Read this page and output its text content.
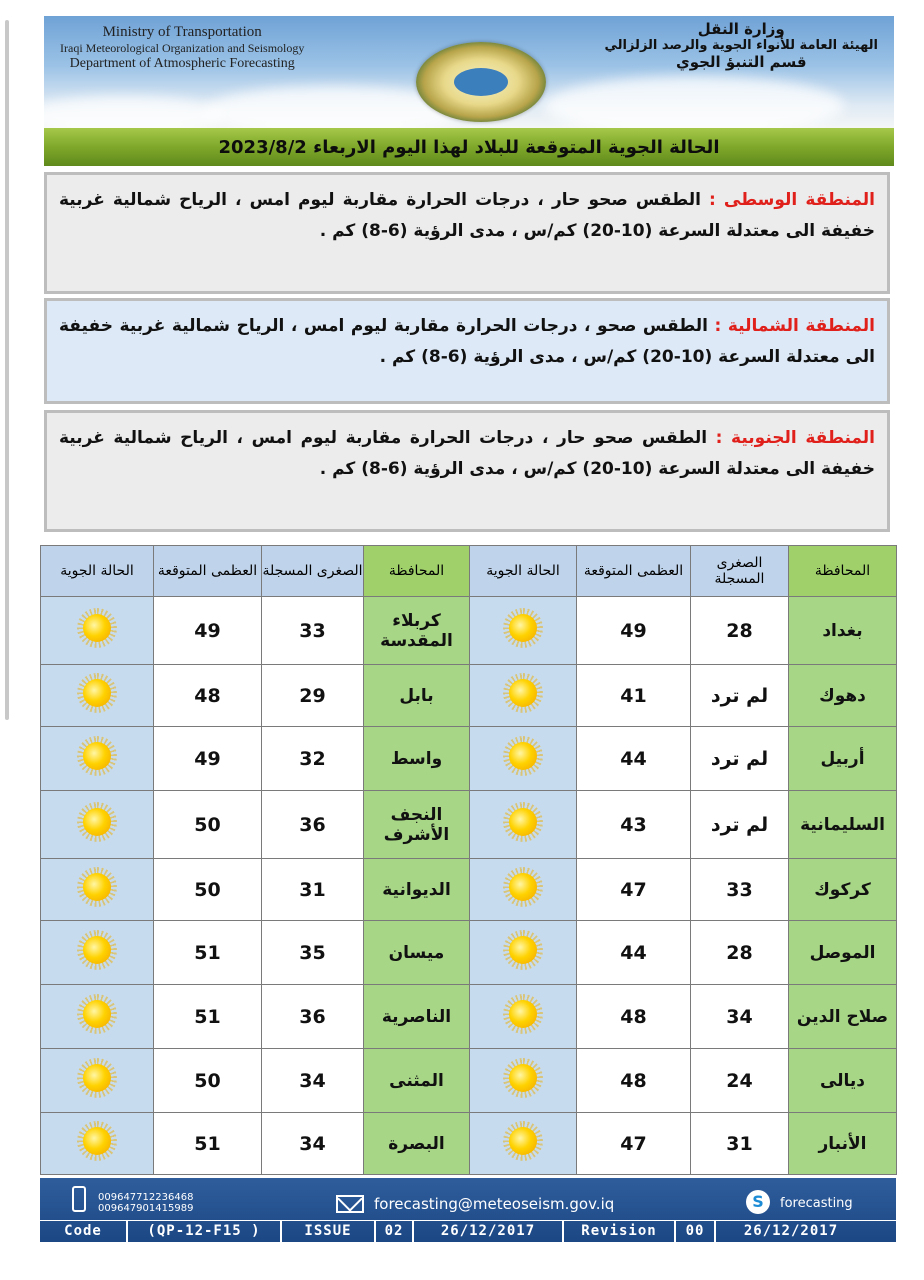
Ministry of Transportation
Iraqi Meteorological Organization and Seismology
Department of Atmospheric Forecasting
وزارة النقل
الهيئة العامة للأنواء الجوية والرصد الزلزالي
قسم التنبؤ الجوي
الحالة الجوية المتوقعة للبلاد لهذا اليوم الاربعاء 2023/8/2
المنطقة الوسطى : الطقس صحو حار ، درجات الحرارة مقاربة ليوم امس ، الرياح شمالية غربية خفيفة الى معتدلة السرعة (10-20) كم/س ، مدى الرؤية (6-8) كم .
المنطقة الشمالية : الطقس صحو ، درجات الحرارة مقاربة ليوم امس ، الرياح شمالية غربية خفيفة الى معتدلة السرعة (10-20) كم/س ، مدى الرؤية (6-8) كم .
المنطقة الجنوبية : الطقس صحو حار ، درجات الحرارة مقاربة ليوم امس ، الرياح شمالية غربية خفيفة الى معتدلة السرعة (10-20) كم/س ، مدى الرؤية (6-8) كم .
المحافظة	الصغرى المسجلة	العظمى المتوقعة	الحالة الجوية	المحافظة	الصغرى المسجلة	العظمى المتوقعة	الحالة الجوية
بغداد	28	49		كربلاء المقدسة	33	49	

دهوك	لم ترد	41		بابل	29	48	

أربيل	لم ترد	44		واسط	32	49	

السليمانية	لم ترد	43		النجف الأشرف	36	50	

كركوك	33	47		الديوانية	31	50	

الموصل	28	44		ميسان	35	51	

صلاح الدين	34	48		الناصرية	36	51	

ديالى	24	48		المثنى	34	50	

الأنبار	31	47		البصرة	34	51	
009647712236468
009647901415989	forecasting@meteoseism.gov.iq	S	forecasting
Code	(QP-12-F15 )	ISSUE	02	26/12/2017	Revision	00	26/12/2017
